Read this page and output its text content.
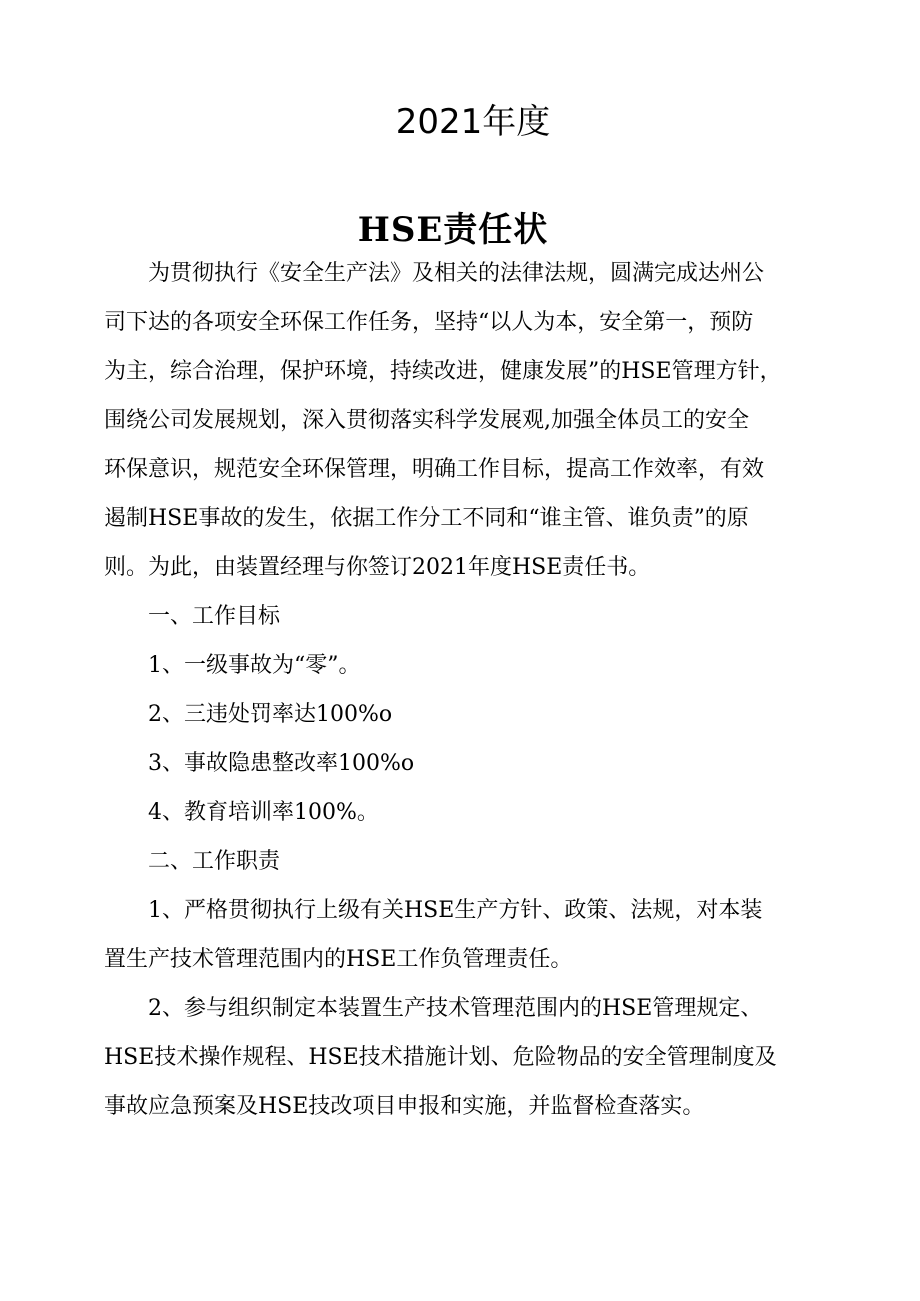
2021年度
HSE责任状
为贯彻执行《安全生产法》及相关的法律法规，圆满完成达州公
司下达的各项安全环保工作任务，坚持“以人为本，安全第一，预防
为主，综合治理，保护环境，持续改进，健康发展”的HSE管理方针，
围绕公司发展规划，深入贯彻落实科学发展观,加强全体员工的安全
环保意识，规范安全环保管理，明确工作目标，提高工作效率，有效
遏制HSE事故的发生，依据工作分工不同和“谁主管、谁负责”的原
则。为此，由装置经理与你签订2021年度HSE责任书。
一、工作目标
1、一级事故为“零”。
2、三违处罚率达100%o
3、事故隐患整改率100%o
4、教育培训率100%。
二、工作职责
1、严格贯彻执行上级有关HSE生产方针、政策、法规，对本装
置生产技术管理范围内的HSE工作负管理责任。
2、参与组织制定本装置生产技术管理范围内的HSE管理规定、
HSE技术操作规程、HSE技术措施计划、危险物品的安全管理制度及
事故应急预案及HSE技改项目申报和实施，并监督检查落实。
